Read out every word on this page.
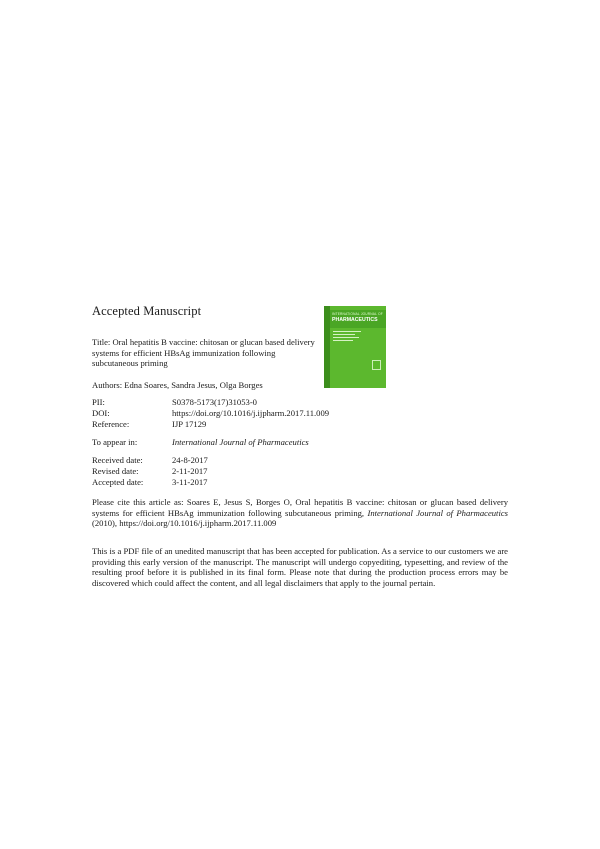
Accepted Manuscript
Title: Oral hepatitis B vaccine: chitosan or glucan based delivery systems for efficient HBsAg immunization following subcutaneous priming
Authors: Edna Soares, Sandra Jesus, Olga Borges
PII:	S0378-5173(17)31053-0
DOI:	https://doi.org/10.1016/j.ijpharm.2017.11.009
Reference:	IJP 17129
To appear in:	International Journal of Pharmaceutics
Received date:	24-8-2017
Revised date:	2-11-2017
Accepted date:	3-11-2017
Please cite this article as: Soares E, Jesus S, Borges O, Oral hepatitis B vaccine: chitosan or glucan based delivery systems for efficient HBsAg immunization following subcutaneous priming, International Journal of Pharmaceutics (2010), https://doi.org/10.1016/j.ijpharm.2017.11.009
This is a PDF file of an unedited manuscript that has been accepted for publication. As a service to our customers we are providing this early version of the manuscript. The manuscript will undergo copyediting, typesetting, and review of the resulting proof before it is published in its final form. Please note that during the production process errors may be discovered which could affect the content, and all legal disclaimers that apply to the journal pertain.
INTERNATIONAL JOURNAL OF
PHARMACEUTICS
